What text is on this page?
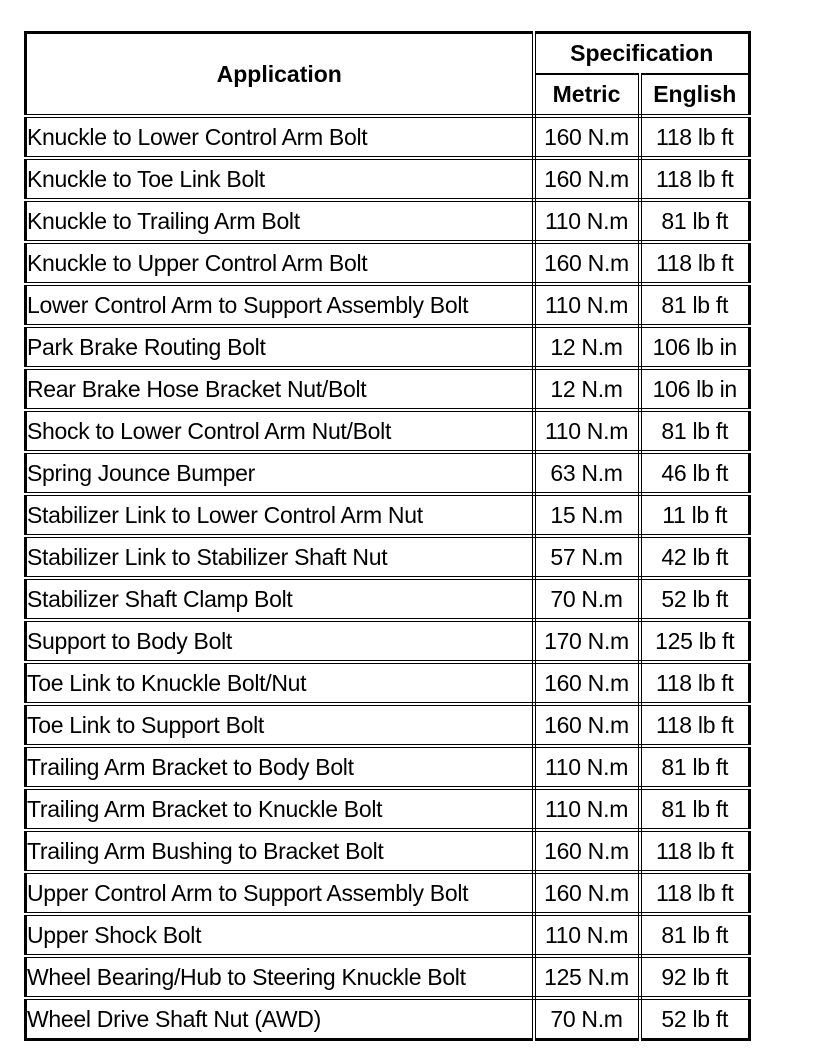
Application	Specification	
	Metric	English
Knuckle to Lower Control Arm Bolt	160 N.m	118 lb ft
Knuckle to Toe Link Bolt	160 N.m	118 lb ft
Knuckle to Trailing Arm Bolt	110 N.m	81 lb ft
Knuckle to Upper Control Arm Bolt	160 N.m	118 lb ft
Lower Control Arm to Support Assembly Bolt	110 N.m	81 lb ft
Park Brake Routing Bolt	12 N.m	106 lb in
Rear Brake Hose Bracket Nut/Bolt	12 N.m	106 lb in
Shock to Lower Control Arm Nut/Bolt	110 N.m	81 lb ft
Spring Jounce Bumper	63 N.m	46 lb ft
Stabilizer Link to Lower Control Arm Nut	15 N.m	11 lb ft
Stabilizer Link to Stabilizer Shaft Nut	57 N.m	42 lb ft
Stabilizer Shaft Clamp Bolt	70 N.m	52 lb ft
Support to Body Bolt	170 N.m	125 lb ft
Toe Link to Knuckle Bolt/Nut	160 N.m	118 lb ft
Toe Link to Support Bolt	160 N.m	118 lb ft
Trailing Arm Bracket to Body Bolt	110 N.m	81 lb ft
Trailing Arm Bracket to Knuckle Bolt	110 N.m	81 lb ft
Trailing Arm Bushing to Bracket Bolt	160 N.m	118 lb ft
Upper Control Arm to Support Assembly Bolt	160 N.m	118 lb ft
Upper Shock Bolt	110 N.m	81 lb ft
Wheel Bearing/Hub to Steering Knuckle Bolt	125 N.m	92 lb ft
Wheel Drive Shaft Nut (AWD)	70 N.m	52 lb ft
